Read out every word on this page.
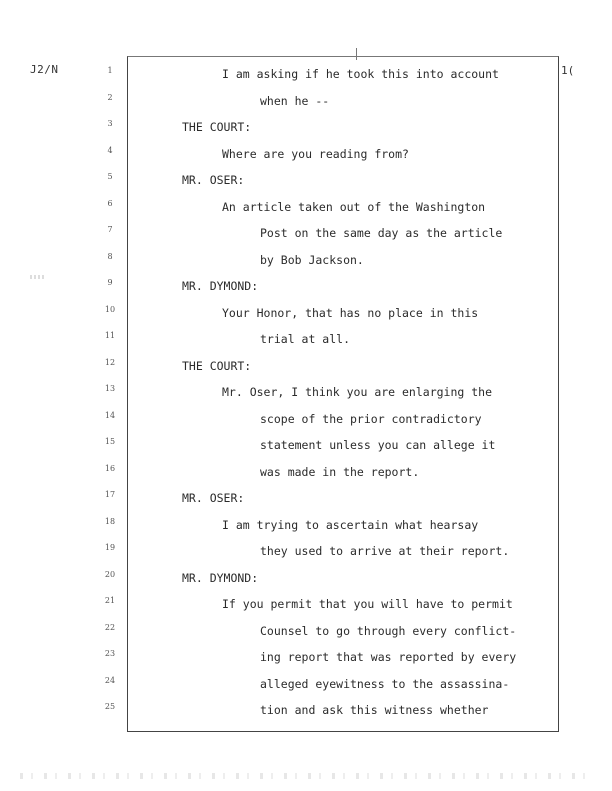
J2/N	1(
1
2
3
4
5
6
7
8
9
10
11
12
13
14
15
16
17
18
19
20
21
22
23
24
25
I am asking if he took this into account
when he --
THE COURT:
Where are you reading from?
MR. OSER:
An article taken out of the Washington
Post on the same day as the article
by Bob Jackson.
MR. DYMOND:
Your Honor, that has no place in this
trial at all.
THE COURT:
Mr. Oser, I think you are enlarging the
scope of the prior contradictory
statement unless you can allege it
was made in the report.
MR. OSER:
I am trying to ascertain what hearsay
they used to arrive at their report.
MR. DYMOND:
If you permit that you will have to permit
Counsel to go through every conflict-
ing report that was reported by every
alleged eyewitness to the assassina-
tion and ask this witness whether
